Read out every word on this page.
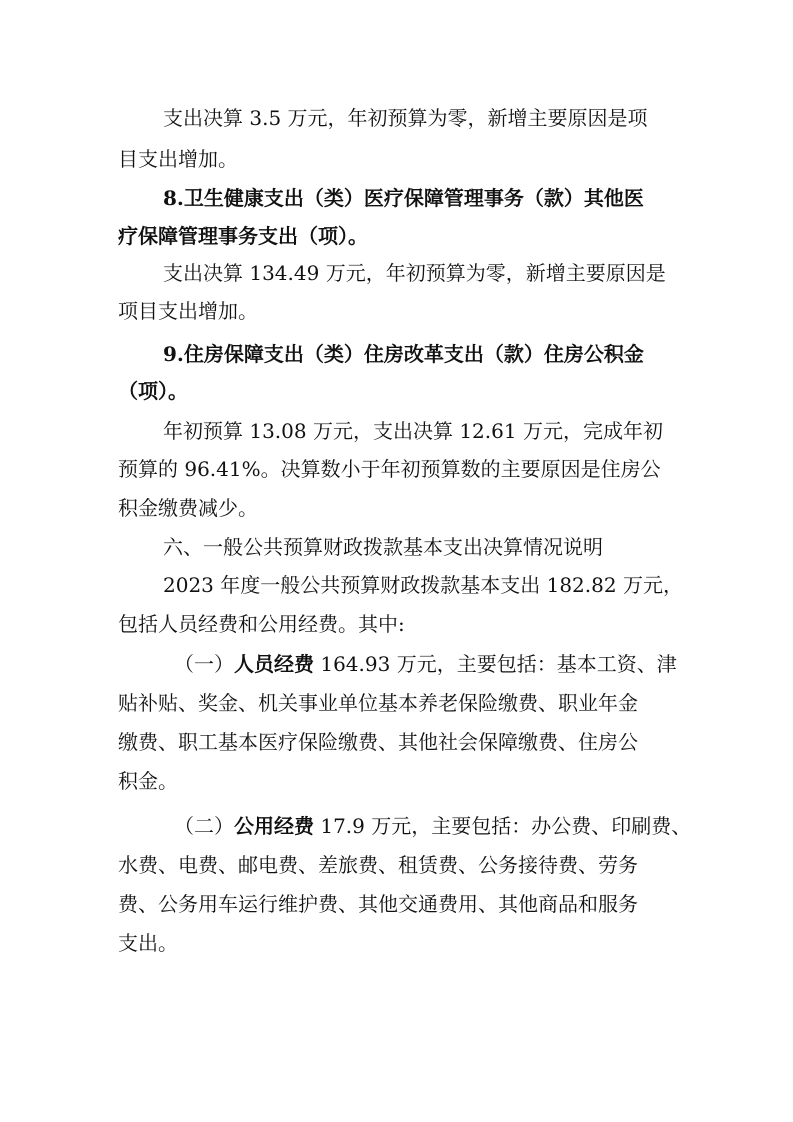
支出决算 3.5 万元，年初预算为零，新增主要原因是项
目支出增加。
8.卫生健康支出（类）医疗保障管理事务（款）其他医
疗保障管理事务支出（项）。
支出决算 134.49 万元，年初预算为零，新增主要原因是
项目支出增加。
9.住房保障支出（类）住房改革支出（款）住房公积金
（项）。
年初预算 13.08 万元，支出决算 12.61 万元，完成年初
预算的 96.41%。决算数小于年初预算数的主要原因是住房公
积金缴费减少。
六、一般公共预算财政拨款基本支出决算情况说明
2023 年度一般公共预算财政拨款基本支出 182.82 万元，
包括人员经费和公用经费。其中:
（一）人员经费 164.93 万元，主要包括：基本工资、津
贴补贴、奖金、机关事业单位基本养老保险缴费、职业年金
缴费、职工基本医疗保险缴费、其他社会保障缴费、住房公
积金。
（二）公用经费 17.9 万元，主要包括：办公费、印刷费、
水费、电费、邮电费、差旅费、租赁费、公务接待费、劳务
费、公务用车运行维护费、其他交通费用、其他商品和服务
支出。
